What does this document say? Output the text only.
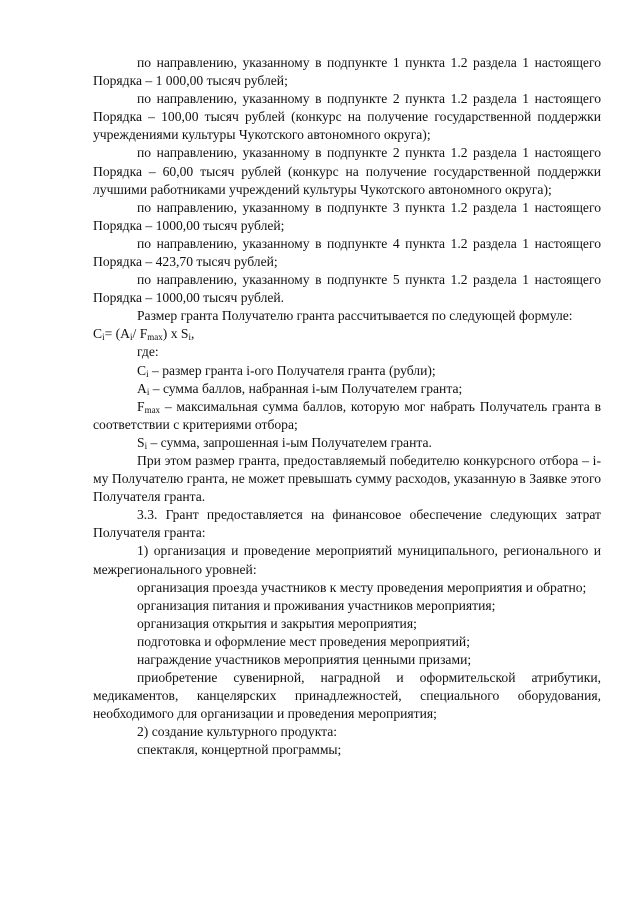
по направлению, указанному в подпункте 1 пункта 1.2 раздела 1 настоящего Порядка – 1 000,00 тысяч рублей;

по направлению, указанному в подпункте 2 пункта 1.2 раздела 1 настоящего Порядка – 100,00 тысяч рублей (конкурс на получение государственной поддержки учреждениями культуры Чукотского автономного округа);

по направлению, указанному в подпункте 2 пункта 1.2 раздела 1 настоящего Порядка – 60,00 тысяч рублей (конкурс на получение государственной поддержки лучшими работниками учреждений культуры Чукотского автономного округа);

по направлению, указанному в подпункте 3 пункта 1.2 раздела 1 настоящего Порядка – 1000,00 тысяч рублей;

по направлению, указанному в подпункте 4 пункта 1.2 раздела 1 настоящего Порядка – 423,70 тысяч рублей;

по направлению, указанному в подпункте 5 пункта 1.2 раздела 1 настоящего Порядка – 1000,00 тысяч рублей.

Размер гранта Получателю гранта рассчитывается по следующей формуле:

$C_i= (A_i/$ $F_{max}$) x $S_i$,

где:

$C_i$ – размер гранта i-ого Получателя гранта (рубли);

$A_i$ – сумма баллов, набранная i-ым Получателем гранта;

$F_{max}$ – максимальная сумма баллов, которую мог набрать Получатель гранта в соответствии с критериями отбора;

$S_i$ – сумма, запрошенная i-ым Получателем гранта.

При этом размер гранта, предоставляемый победителю конкурсного отбора – i-му Получателю гранта, не может превышать сумму расходов, указанную в Заявке этого Получателя гранта.

3.3. Грант предоставляется на финансовое обеспечение следующих затрат Получателя гранта:

1) организация и проведение мероприятий муниципального, регионального и межрегионального уровней:

организация проезда участников к месту проведения мероприятия и обратно;

организация питания и проживания участников мероприятия;

организация открытия и закрытия мероприятия;

подготовка и оформление мест проведения мероприятий;

награждение участников мероприятия ценными призами;

приобретение сувенирной, наградной и оформительской атрибутики, медикаментов, канцелярских принадлежностей, специального оборудования, необходимого для организации и проведения мероприятия;

2) создание культурного продукта:

спектакля, концертной программы;
